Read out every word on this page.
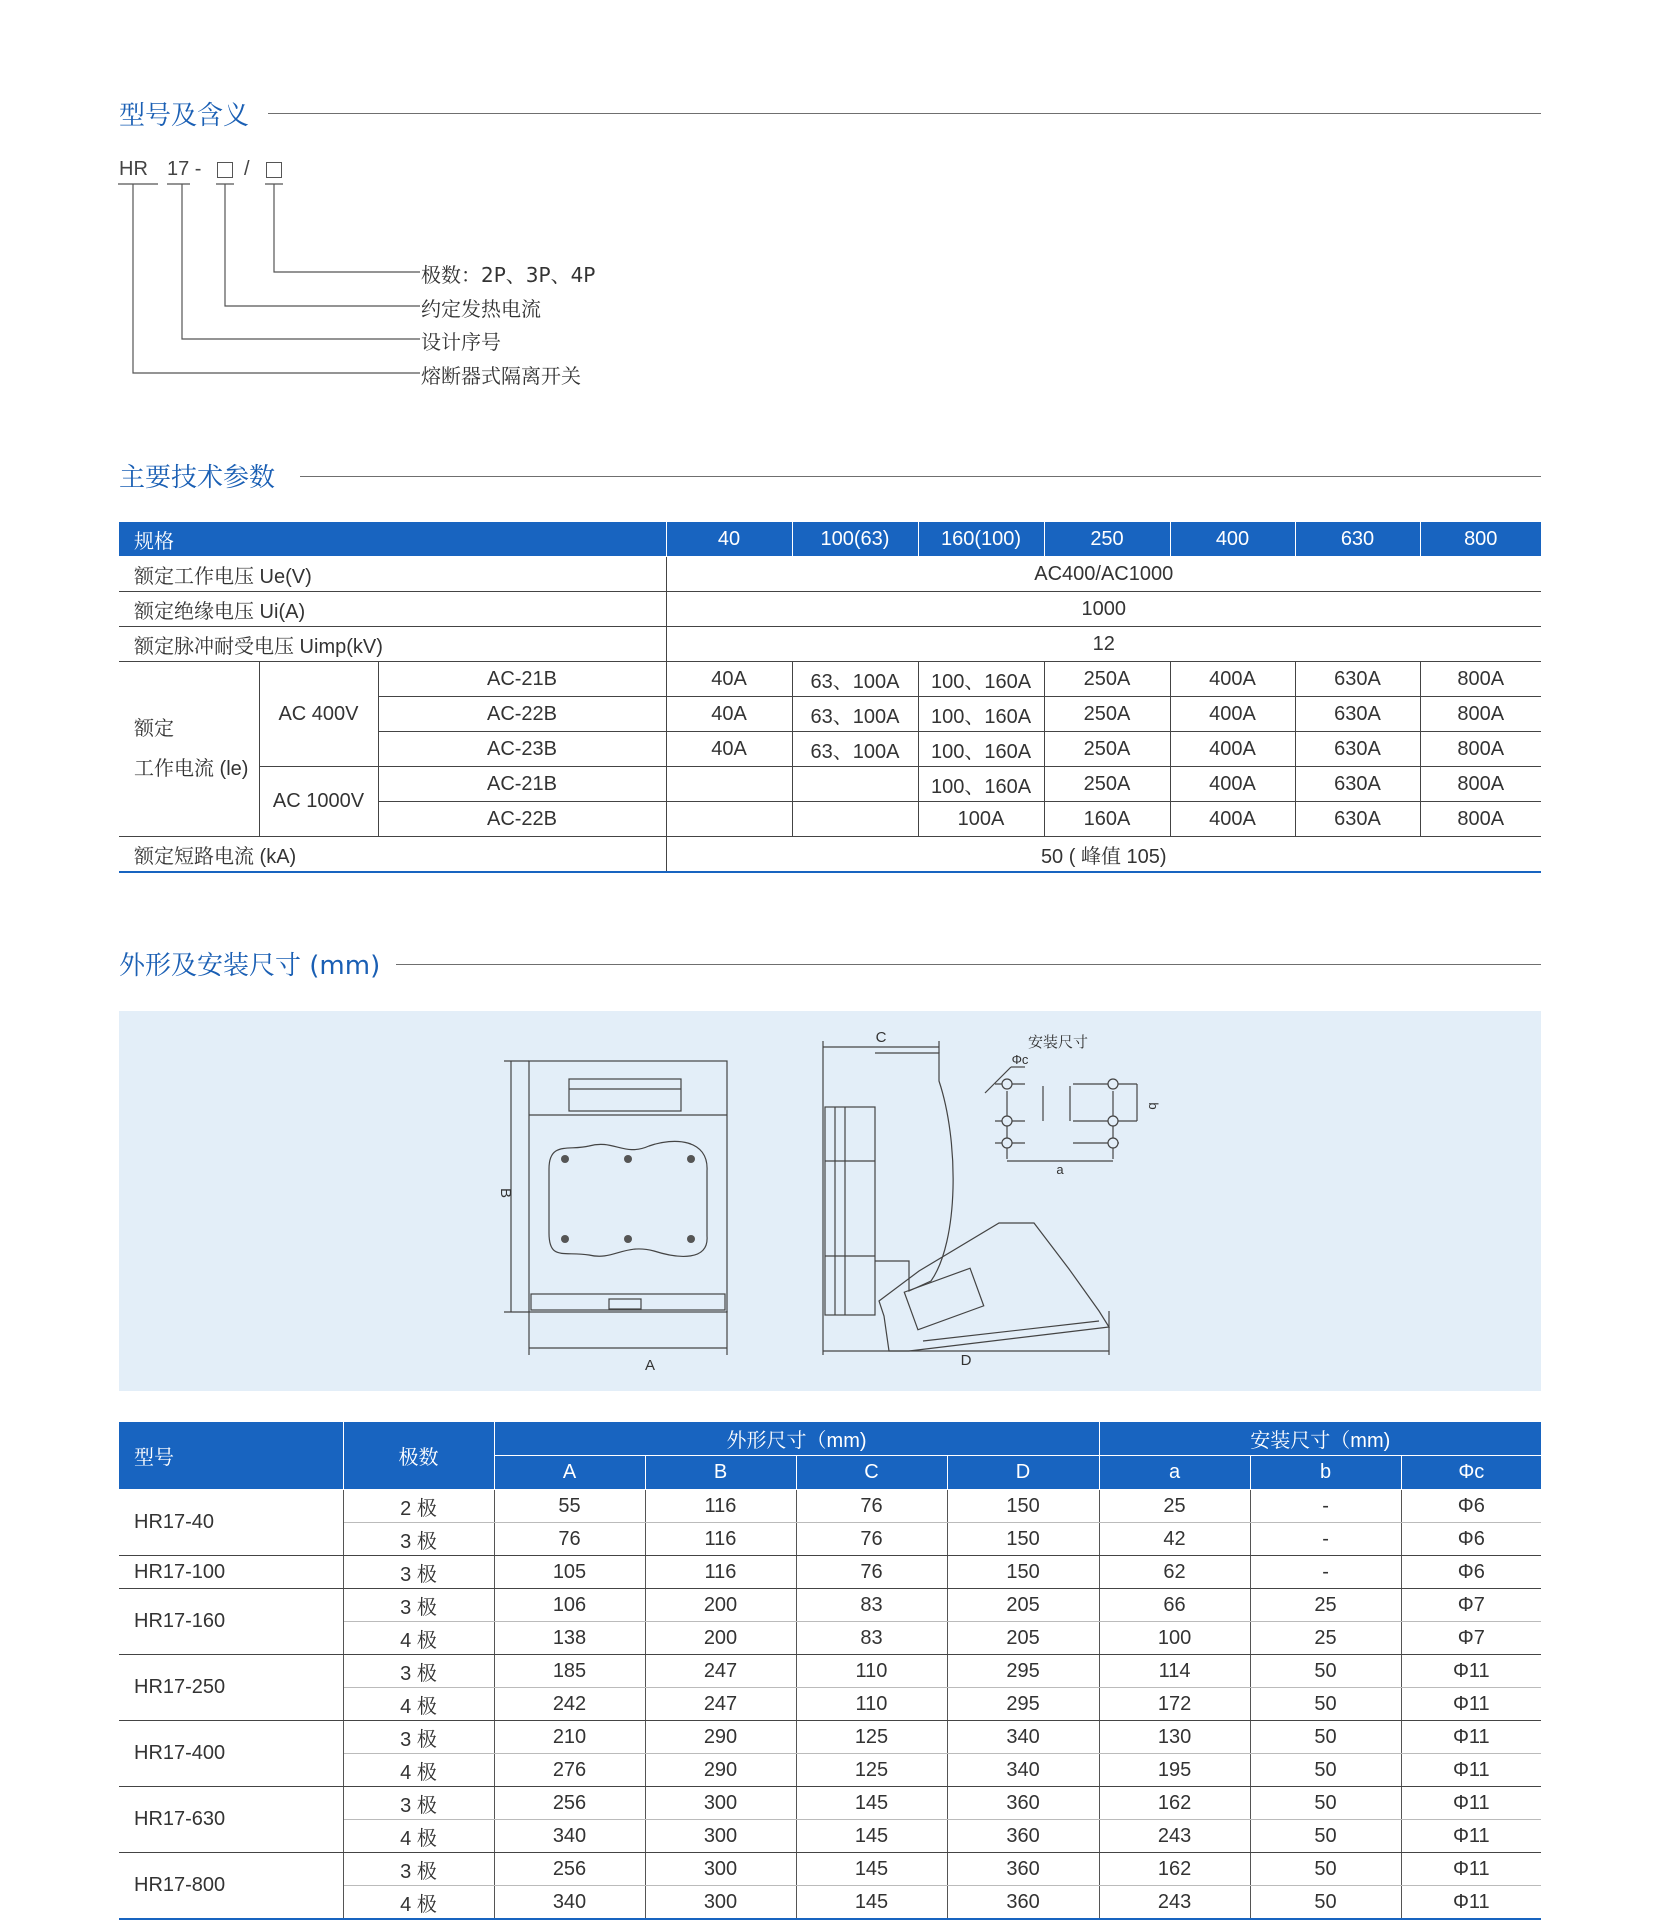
型号及含义
HR 17 - /
极数：2P、3P、4P
约定发热电流
设计序号
熔断器式隔离开关
主要技术参数
规格			40	100(63)	160(100)	250	400	630	800
额定工作电压 Ue(V)			AC400/AC1000						
额定绝缘电压 Ui(A)			1000						
额定脉冲耐受电压 Uimp(kV)			12						

额定
工作电流 (le)	AC 400V	AC-21B	40A	63、100A	100、160A	250A	400A	630A	800A
		AC-22B	40A	63、100A	100、160A	250A	400A	630A	800A
		AC-23B	40A	63、100A	100、160A	250A	400A	630A	800A
	AC 1000V	AC-21B			100、160A	250A	400A	630A	800A
		AC-22B			100A	160A	400A	630A	800A
额定短路电流 (kA)			50 ( 峰值 105)						
外形及安装尺寸 (mm)
A
B
C
D
安装尺寸
Φc
a
b
型号	极数	外形尺寸（mm)				安装尺寸（mm)		
		A	B	C	D	a	b	Φc
HR17-40	2 极	55	116	76	150	25	-	Φ6
	3 极	76	116	76	150	42	-	Φ6
HR17-100	3 极	105	116	76	150	62	-	Φ6
HR17-160	3 极	106	200	83	205	66	25	Φ7
	4 极	138	200	83	205	100	25	Φ7
HR17-250	3 极	185	247	110	295	114	50	Φ11
	4 极	242	247	110	295	172	50	Φ11
HR17-400	3 极	210	290	125	340	130	50	Φ11
	4 极	276	290	125	340	195	50	Φ11
HR17-630	3 极	256	300	145	360	162	50	Φ11
	4 极	340	300	145	360	243	50	Φ11
HR17-800	3 极	256	300	145	360	162	50	Φ11
	4 极	340	300	145	360	243	50	Φ11
